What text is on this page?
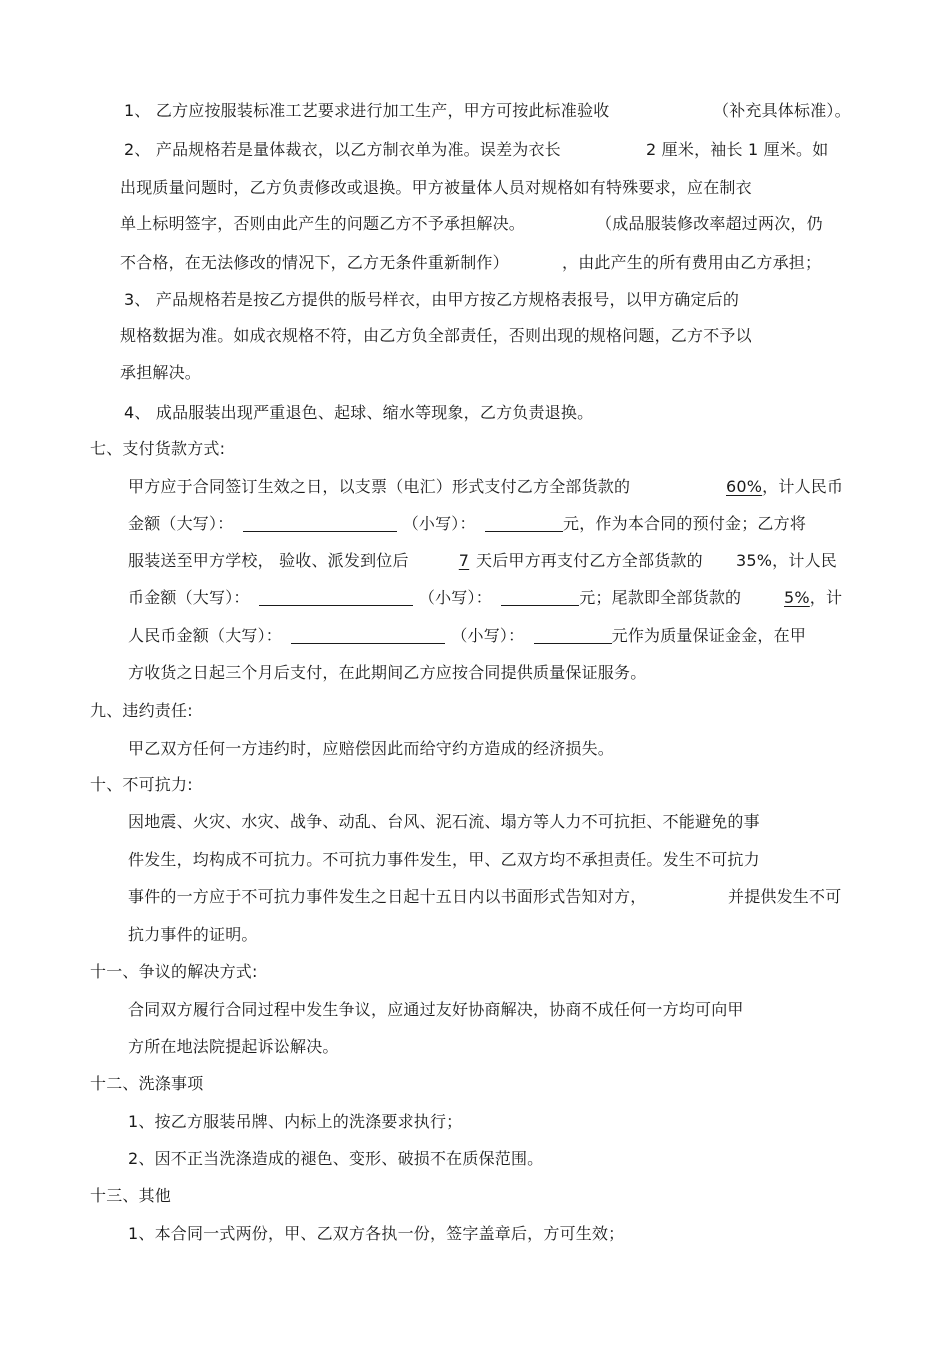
1、 乙方应按服装标准工艺要求进行加工生产，甲方可按此标准验收	（补充具体标准）。
2、 产品规格若是量体裁衣，以乙方制衣单为准。误差为衣长	2 厘米，袖长 1 厘米。如
出现质量问题时，乙方负责修改或退换。甲方被量体人员对规格如有特殊要求，应在制衣
单上标明签字，否则由此产生的问题乙方不予承担解决。	（成品服装修改率超过两次，仍
不合格，在无法修改的情况下，乙方无条件重新制作）	，由此产生的所有费用由乙方承担；
3、 产品规格若是按乙方提供的版号样衣，由甲方按乙方规格表报号，以甲方确定后的
规格数据为准。如成衣规格不符，由乙方负全部责任，否则出现的规格问题，乙方不予以
承担解决。
4、 成品服装出现严重退色、起球、缩水等现象，乙方负责退换。
七、支付货款方式:
甲方应于合同签订生效之日，以支票（电汇）形式支付乙方全部货款的	60%，计人民币
金额（大写）：	（小写）：	元，作为本合同的预付金；乙方将
服装送至甲方学校， 验收、派发到位后	7 天后甲方再支付乙方全部货款的 35%，计人民
币金额（大写）：	（小写）：	元；尾款即全部货款的	5%，计
人民币金额（大写）：	（小写）：	元作为质量保证金金，在甲
方收货之日起三个月后支付，在此期间乙方应按合同提供质量保证服务。
九、违约责任:
甲乙双方任何一方违约时，应赔偿因此而给守约方造成的经济损失。
十、不可抗力:
因地震、火灾、水灾、战争、动乱、台风、泥石流、塌方等人力不可抗拒、不能避免的事
件发生，均构成不可抗力。不可抗力事件发生，甲、乙双方均不承担责任。发生不可抗力
事件的一方应于不可抗力事件发生之日起十五日内以书面形式告知对方，	并提供发生不可
抗力事件的证明。
十一、争议的解决方式:
合同双方履行合同过程中发生争议，应通过友好协商解决，协商不成任何一方均可向甲
方所在地法院提起诉讼解决。
十二、洗涤事项
1、按乙方服装吊牌、内标上的洗涤要求执行；
2、因不正当洗涤造成的褪色、变形、破损不在质保范围。
十三、其他
1、本合同一式两份，甲、乙双方各执一份，签字盖章后，方可生效；
